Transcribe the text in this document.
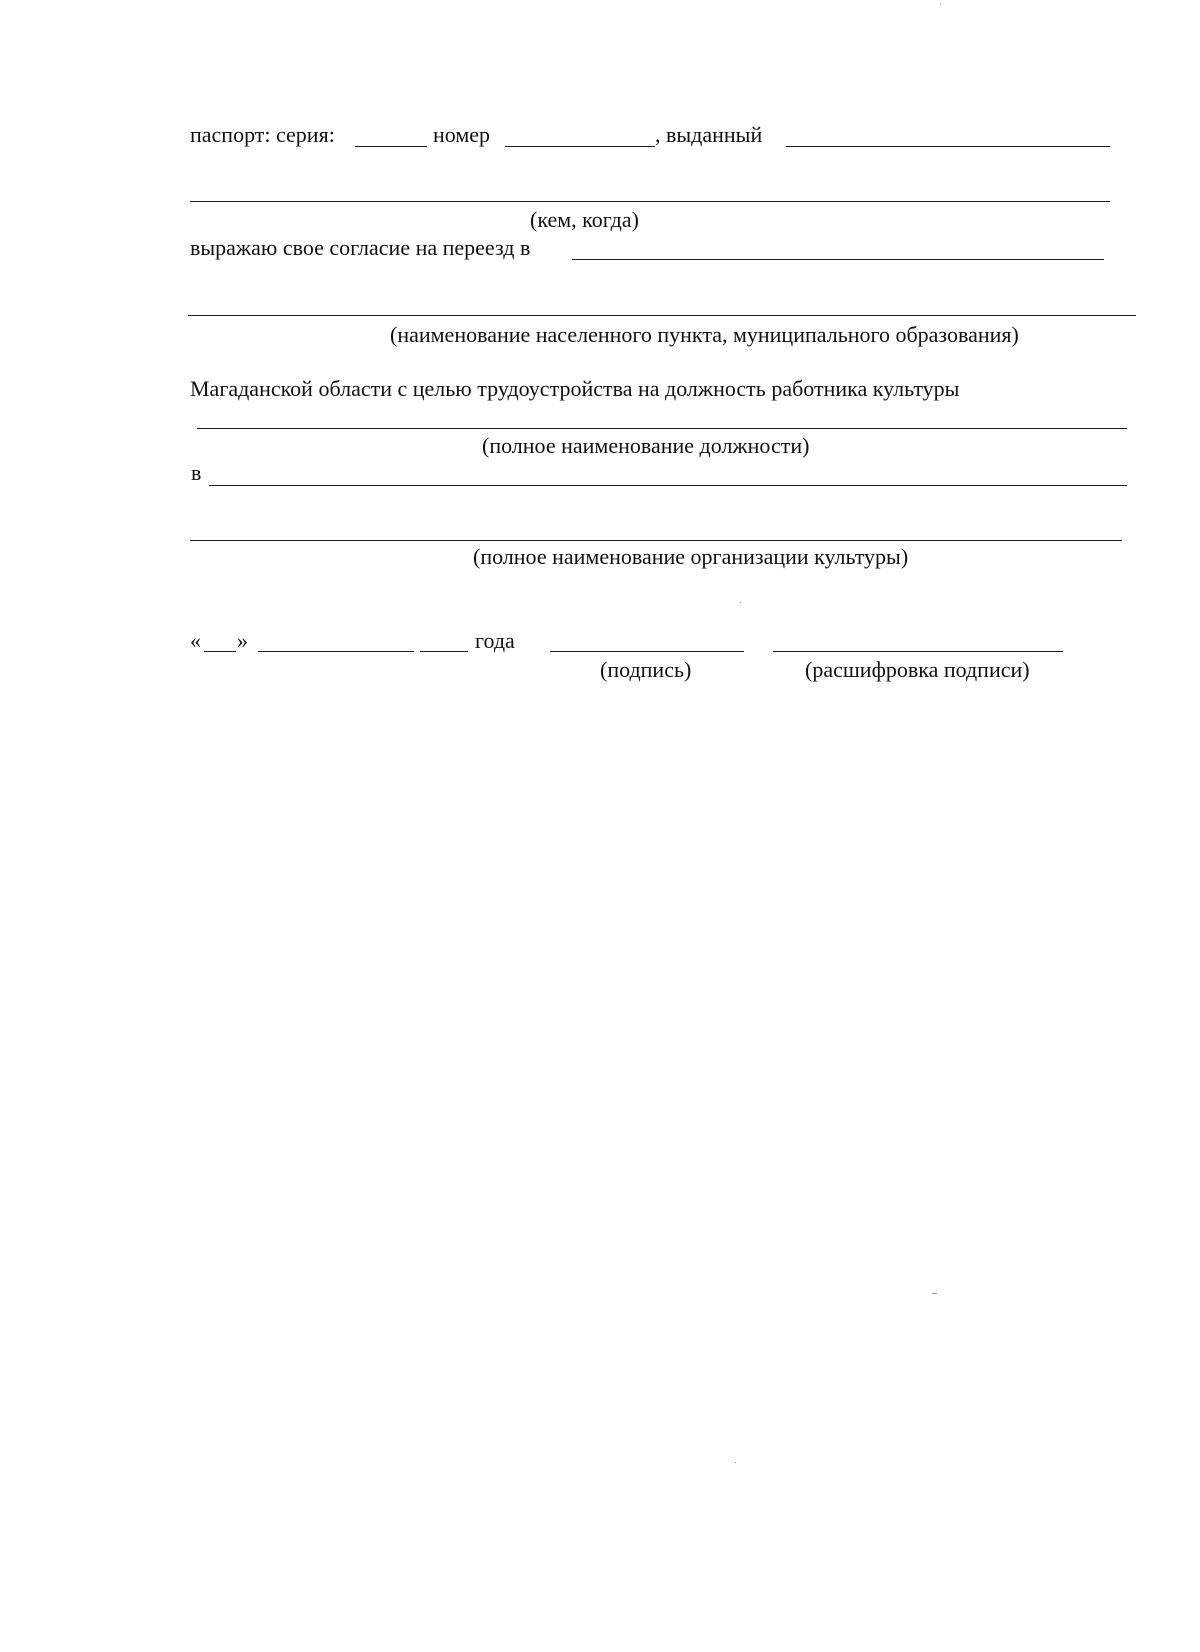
паспорт: серия:	номер	, выданный
(кем, когда)
выражаю свое согласие на переезд в
(наименование населенного пункта, муниципального образования)
Магаданской области с целью трудоустройства на должность работника культуры
(полное наименование должности)
в
(полное наименование организации культуры)
« »	года
(подпись)	(расшифровка подписи)
